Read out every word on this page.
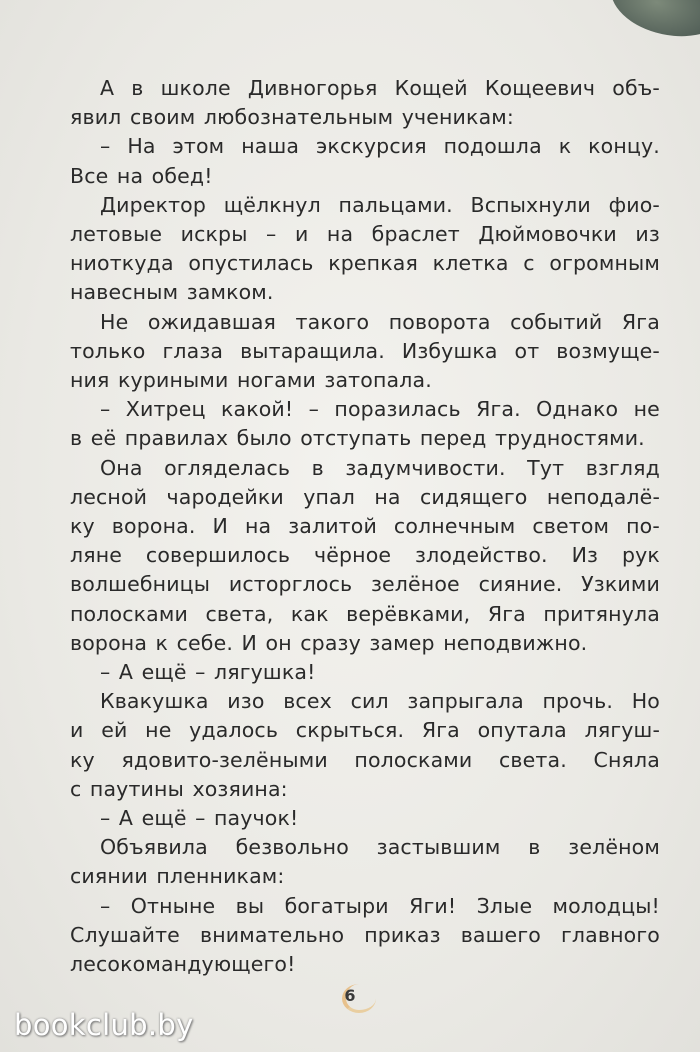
А в школе Дивногорья Кощей Кощеевич объ-
явил своим любознательным ученикам:
– На этом наша экскурсия подошла к концу.
Все на обед!
Директор щёлкнул пальцами. Вспыхнули фио-
летовые искры – и на браслет Дюймовочки из
ниоткуда опустилась крепкая клетка с огромным
навесным замком.
Не ожидавшая такого поворота событий Яга
только глаза вытаращила. Избушка от возмуще-
ния куриными ногами затопала.
– Хитрец какой! – поразилась Яга. Однако не
в её правилах было отступать перед трудностями.
Она огляделась в задумчивости. Тут взгляд
лесной чародейки упал на сидящего неподалё-
ку ворона. И на залитой солнечным светом по-
ляне совершилось чёрное злодейство. Из рук
волшебницы исторглось зелёное сияние. Узкими
полосками света, как верёвками, Яга притянула
ворона к себе. И он сразу замер неподвижно.
– А ещё – лягушка!
Квакушка изо всех сил запрыгала прочь. Но
и ей не удалось скрыться. Яга опутала лягуш-
ку ядовито-зелёными полосками света. Сняла
с паутины хозяина:
– А ещё – паучок!
Объявила безвольно застывшим в зелёном
сиянии пленникам:
– Отныне вы богатыри Яги! Злые молодцы!
Слушайте внимательно приказ вашего главного
лесокомандующего!
6
bookclub.by
